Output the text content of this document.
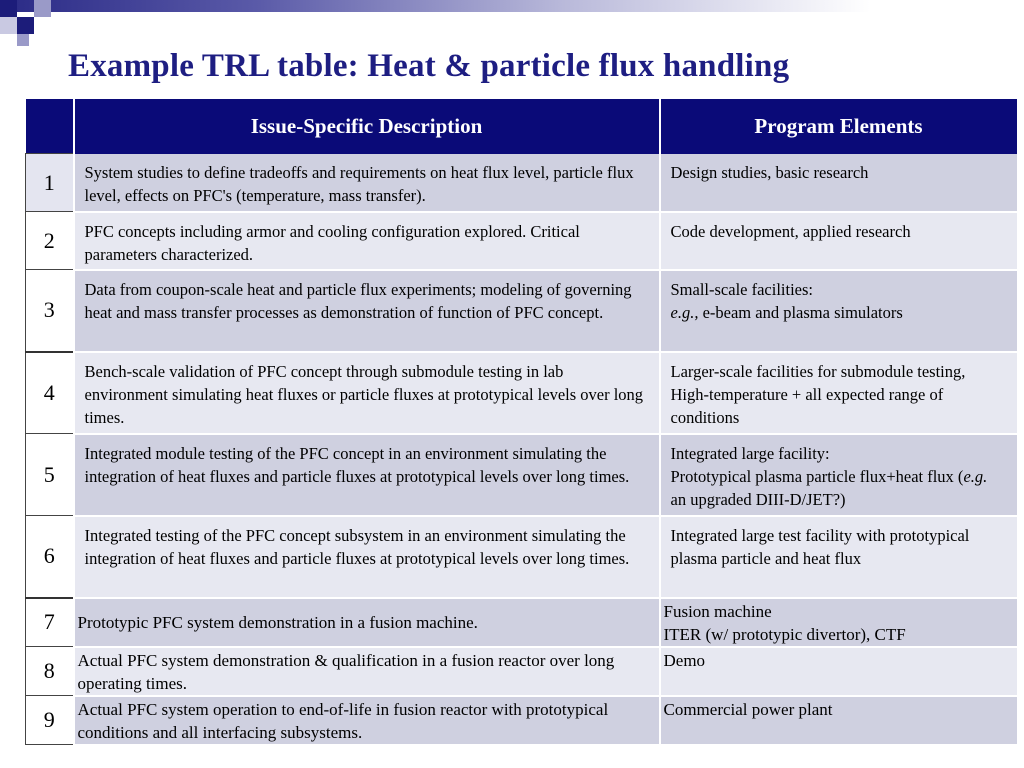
Example TRL table: Heat & particle flux handling
	Issue-Specific Description	Program Elements
1	System studies to define tradeoffs and requirements on heat flux level, particle flux level, effects on PFC's (temperature, mass transfer).	Design studies, basic research
2	PFC concepts including armor and cooling configuration explored. Critical parameters characterized.	Code development, applied research
3	Data from coupon-scale heat and particle flux experiments; modeling of governing heat and mass transfer processes as demonstration of function of PFC concept.	Small-scale facilities:
e.g., e-beam and plasma simulators
4	Bench-scale validation of PFC concept through submodule testing in lab environment simulating heat fluxes or particle fluxes at prototypical levels over long times.	Larger-scale facilities for submodule testing, High-temperature + all expected range of conditions
5	Integrated module testing of the PFC concept in an environment simulating the integration of heat fluxes and particle fluxes at prototypical levels over long times.	Integrated large facility:
Prototypical plasma particle flux+heat flux (e.g. an upgraded DIII-D/JET?)
6	Integrated testing of the PFC concept subsystem in an environment simulating the integration of heat fluxes and particle fluxes at prototypical levels over long times.	Integrated large test facility with prototypical plasma particle and heat flux
7	Prototypic PFC system demonstration in a fusion machine.	Fusion machine
ITER (w/ prototypic divertor), CTF
8	Actual PFC system demonstration & qualification in a fusion reactor over long operating times.	Demo
9	Actual PFC system operation to end-of-life in fusion reactor with prototypical conditions and all interfacing subsystems.	Commercial power plant
